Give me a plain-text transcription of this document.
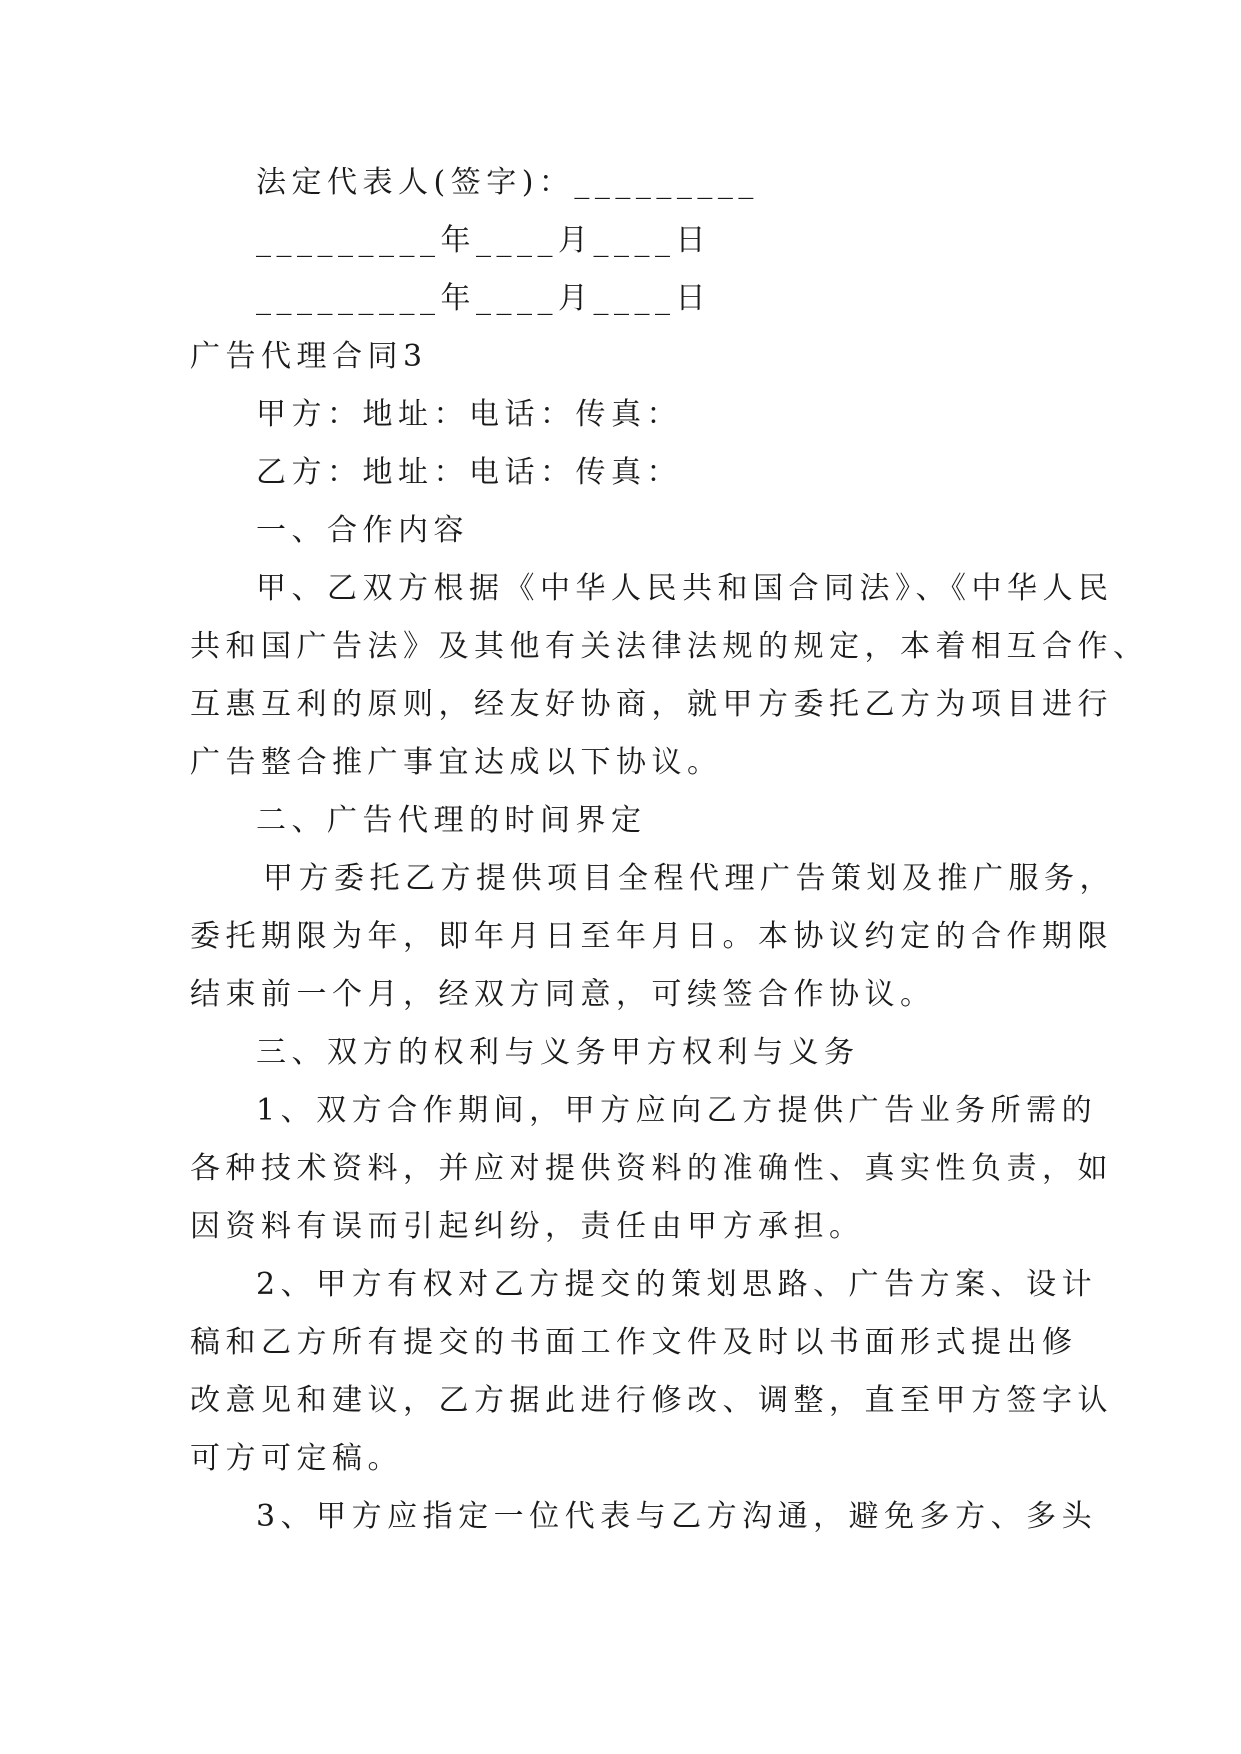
法定代表人(签字)：_________
_________年____月____日
_________年____月____日
广告代理合同3
甲方：地址：电话：传真：
乙方：地址：电话：传真：
一、合作内容
甲、乙双方根据《中华人民共和国合同法》、《中华人民
共和国广告法》及其他有关法律法规的规定，本着相互合作、
互惠互利的原则，经友好协商，就甲方委托乙方为项目进行
广告整合推广事宜达成以下协议。
二、广告代理的时间界定
甲方委托乙方提供项目全程代理广告策划及推广服务，
委托期限为年，即年月日至年月日。本协议约定的合作期限
结束前一个月，经双方同意，可续签合作协议。
三、双方的权利与义务甲方权利与义务
1、双方合作期间，甲方应向乙方提供广告业务所需的
各种技术资料，并应对提供资料的准确性、真实性负责，如
因资料有误而引起纠纷，责任由甲方承担。
2、甲方有权对乙方提交的策划思路、广告方案、设计
稿和乙方所有提交的书面工作文件及时以书面形式提出修
改意见和建议，乙方据此进行修改、调整，直至甲方签字认
可方可定稿。
3、甲方应指定一位代表与乙方沟通，避免多方、多头
